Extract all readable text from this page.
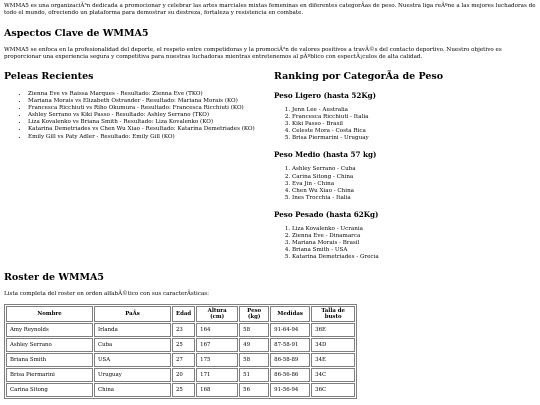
WMMA5 es una organizaciÃ³n dedicada a promocionar y celebrar las artes marciales mixtas femeninas en diferentes categorÃas de peso. Nuestra liga reÃºne a las mejores luchadoras de todo el mundo, ofreciendo un plataforma para demostrar su destreza, fortaleza y resistencia en combate.

Aspectos Clave de WMMA5

WMMA5 se enfoca en la profesionalidad del deporte, el respeto entre competidoras y la promociÃ³n de valores positivos a travÃ©s del contacto deportivo. Nuestro objetivo es proporcionar una experiencia segura y competitiva para nuestras luchadoras mientras entretenemos al pÃºblico con espectÃ¡culos de alta calidad.

Peleas Recientes
• Zienna Eve vs Raissa Marques - Resultado: Zienna Eve (TKO)
• Mariana Morais vs Elizabeth Ostrander - Resultado: Mariana Morais (KO)
• Francesca Ricchiuti vs Riho Okumura - Resultado: Francesca Ricchiuti (KO)
• Ashley Serrano vs Kiki Passo - Resultado: Ashley Serrano (TKO)
• Liza Kovalenko vs Briana Smith - Resultado: Liza Kovalenko (KO)
• Katarina Demetriades vs Chen Wu Xiao - Resultado: Katarina Demetriades (KO)
• Emily Gill vs Paty Adler - Resultado: Emily Gill (KO)
Ranking por CategorÃa de Peso
Peso Ligero (hasta 52Kg)
1. Jenn Lee - Australia
2. Francesca Ricchiuti - Italia
3. Kiki Passo - Brasil
4. Celeste Mora - Costa Rica
5. Brisa Piermarini - Uruguay
Peso Medio (hasta 57 kg)
1. Ashley Serrano - Cuba
2. Carina Sitong - China
3. Eva Jin - China
4. Chen Wu Xiao - China
5. Ines Trocchia - Italia
Peso Pesado (hasta 62Kg)
1. Liza Kovalenko - Ucrania
2. Zienna Eve - Dinamarca
3. Mariana Morais - Brasil
4. Briana Smith - USA
5. Katarina Demetriades - Grecia
Roster de WMMA5

Lista completa del roster en orden alfabÃ©tico con sus caracterÃsticas:

Nombre	PaÃs	Edad	Altura (cm)	Peso (kg)	Medidas	Talla de busto
Amy Reynolds	Irlanda	23	164	58	91-64-94	36E
Ashley Serrano	Cuba	25	167	49	87-58-91	34D
Briana Smith	USA	27	175	58	86-58-89	34E
Brisa Piermarini	Uruguay	20	171	51	86-56-86	34C
Carina Sitong	China	25	168	56	91-56-94	36C
